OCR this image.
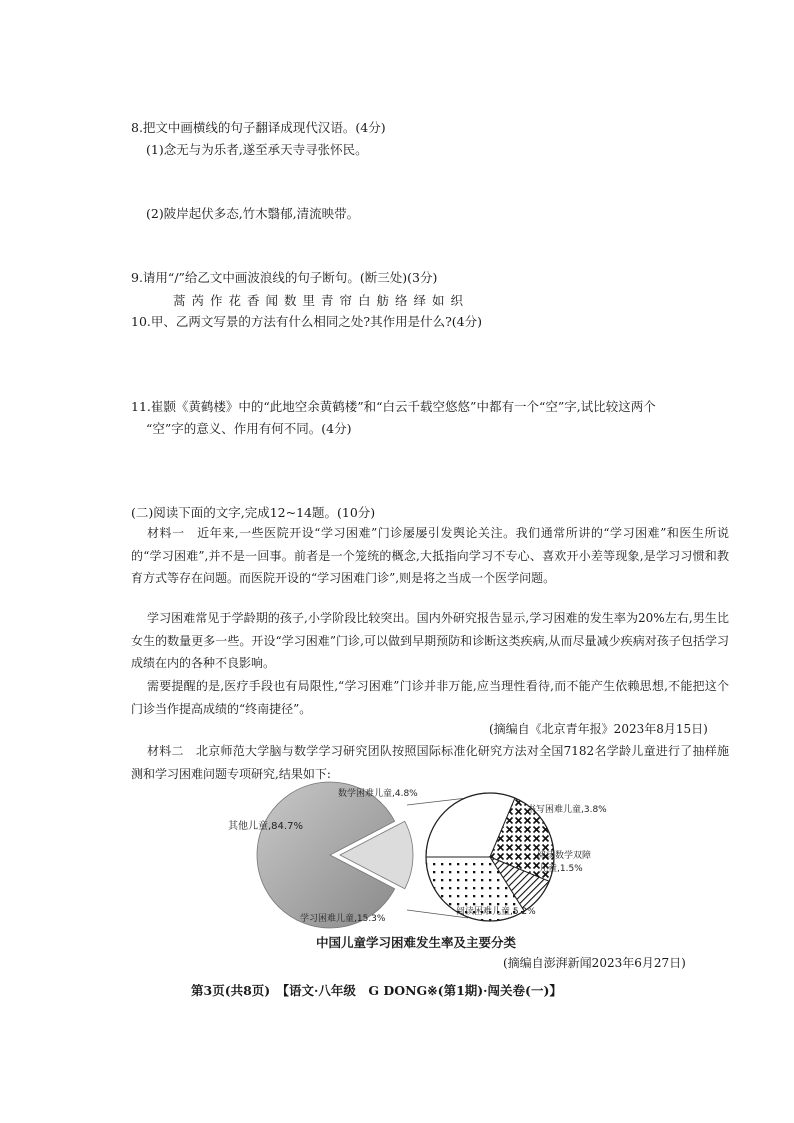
8.把文中画横线的句子翻译成现代汉语。(4分)
(1)念无与为乐者,遂至承天寺寻张怀民。
(2)陂岸起伏多态,竹木翳郁,清流映带。
9.请用“/”给乙文中画波浪线的句子断句。(断三处)(3分)
蒿芮作花香闻数里青帘白舫络绎如织
10.甲、乙两文写景的方法有什么相同之处?其作用是什么?(4分)
11.崔颢《黄鹤楼》中的“此地空余黄鹤楼”和“白云千载空悠悠”中都有一个“空”字,试比较这两个
“空”字的意义、作用有何不同。(4分)
(二)阅读下面的文字,完成12~14题。(10分)
材料一　近年来,一些医院开设“学习困难”门诊屡屡引发舆论关注。我们通常所讲的“学习困难”和医生所说的“学习困难”,并不是一回事。前者是一个笼统的概念,大抵指向学习不专心、喜欢开小差等现象,是学习习惯和教育方式等存在问题。而医院开设的“学习困难门诊”,则是将之当成一个医学问题。
学习困难常见于学龄期的孩子,小学阶段比较突出。国内外研究报告显示,学习困难的发生率为20%左右,男生比女生的数量更多一些。开设“学习困难”门诊,可以做到早期预防和诊断这类疾病,从而尽量减少疾病对孩子包括学习成绩在内的各种不良影响。
需要提醒的是,医疗手段也有局限性,“学习困难”门诊并非万能,应当理性看待,而不能产生依赖思想,不能把这个门诊当作提高成绩的“终南捷径”。
(摘编自《北京青年报》2023年8月15日)
材料二　北京师范大学脑与数学学习研究团队按照国际标准化研究方法对全国7182名学龄儿童进行了抽样施测和学习困难问题专项研究,结果如下:
其他儿童,84.7%
学习困难儿童,15.3%
数学困难儿童,4.8%
书写困难儿童,3.8%
阅读数学双障
儿童,1.5%
阅读困难儿童,5.2%
中国儿童学习困难发生率及主要分类
(摘编自澎湃新闻2023年6月27日)
第3页(共8页)　【语文·八年级　G DONG※(第1期)·闯关卷(一)】
